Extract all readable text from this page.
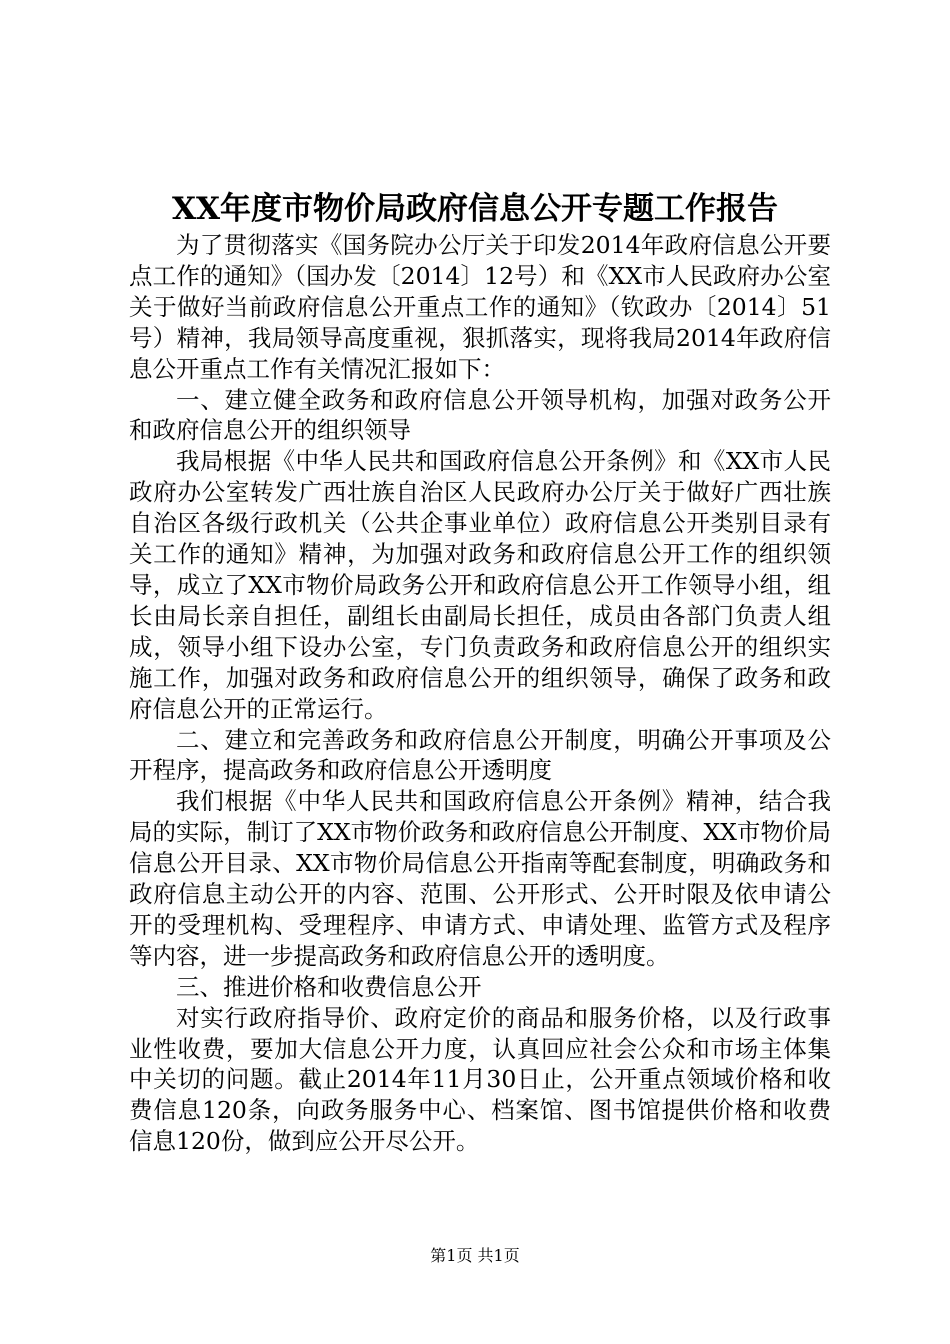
XX年度市物价局政府信息公开专题工作报告

为了贯彻落实《国务院办公厅关于印发2014年政府信息公开要点工作的通知》（国办发〔2014〕12号）和《XX市人民政府办公室关于做好当前政府信息公开重点工作的通知》（钦政办〔2014〕51号）精神，我局领导高度重视，狠抓落实，现将我局2014年政府信息公开重点工作有关情况汇报如下：

一、建立健全政务和政府信息公开领导机构，加强对政务公开和政府信息公开的组织领导

我局根据《中华人民共和国政府信息公开条例》和《XX市人民政府办公室转发广西壮族自治区人民政府办公厅关于做好广西壮族自治区各级行政机关（公共企事业单位）政府信息公开类别目录有关工作的通知》精神，为加强对政务和政府信息公开工作的组织领导，成立了XX市物价局政务公开和政府信息公开工作领导小组，组长由局长亲自担任，副组长由副局长担任，成员由各部门负责人组成，领导小组下设办公室，专门负责政务和政府信息公开的组织实施工作，加强对政务和政府信息公开的组织领导，确保了政务和政府信息公开的正常运行。

二、建立和完善政务和政府信息公开制度，明确公开事项及公开程序，提高政务和政府信息公开透明度

我们根据《中华人民共和国政府信息公开条例》精神，结合我局的实际，制订了XX市物价政务和政府信息公开制度、XX市物价局信息公开目录、XX市物价局信息公开指南等配套制度，明确政务和政府信息主动公开的内容、范围、公开形式、公开时限及依申请公开的受理机构、受理程序、申请方式、申请处理、监管方式及程序等内容，进一步提高政务和政府信息公开的透明度。

三、推进价格和收费信息公开

对实行政府指导价、政府定价的商品和服务价格，以及行政事业性收费，要加大信息公开力度，认真回应社会公众和市场主体集中关切的问题。截止2014年11月30日止，公开重点领域价格和收费信息120条，向政务服务中心、档案馆、图书馆提供价格和收费信息120份，做到应公开尽公开。

第1页 共1页
